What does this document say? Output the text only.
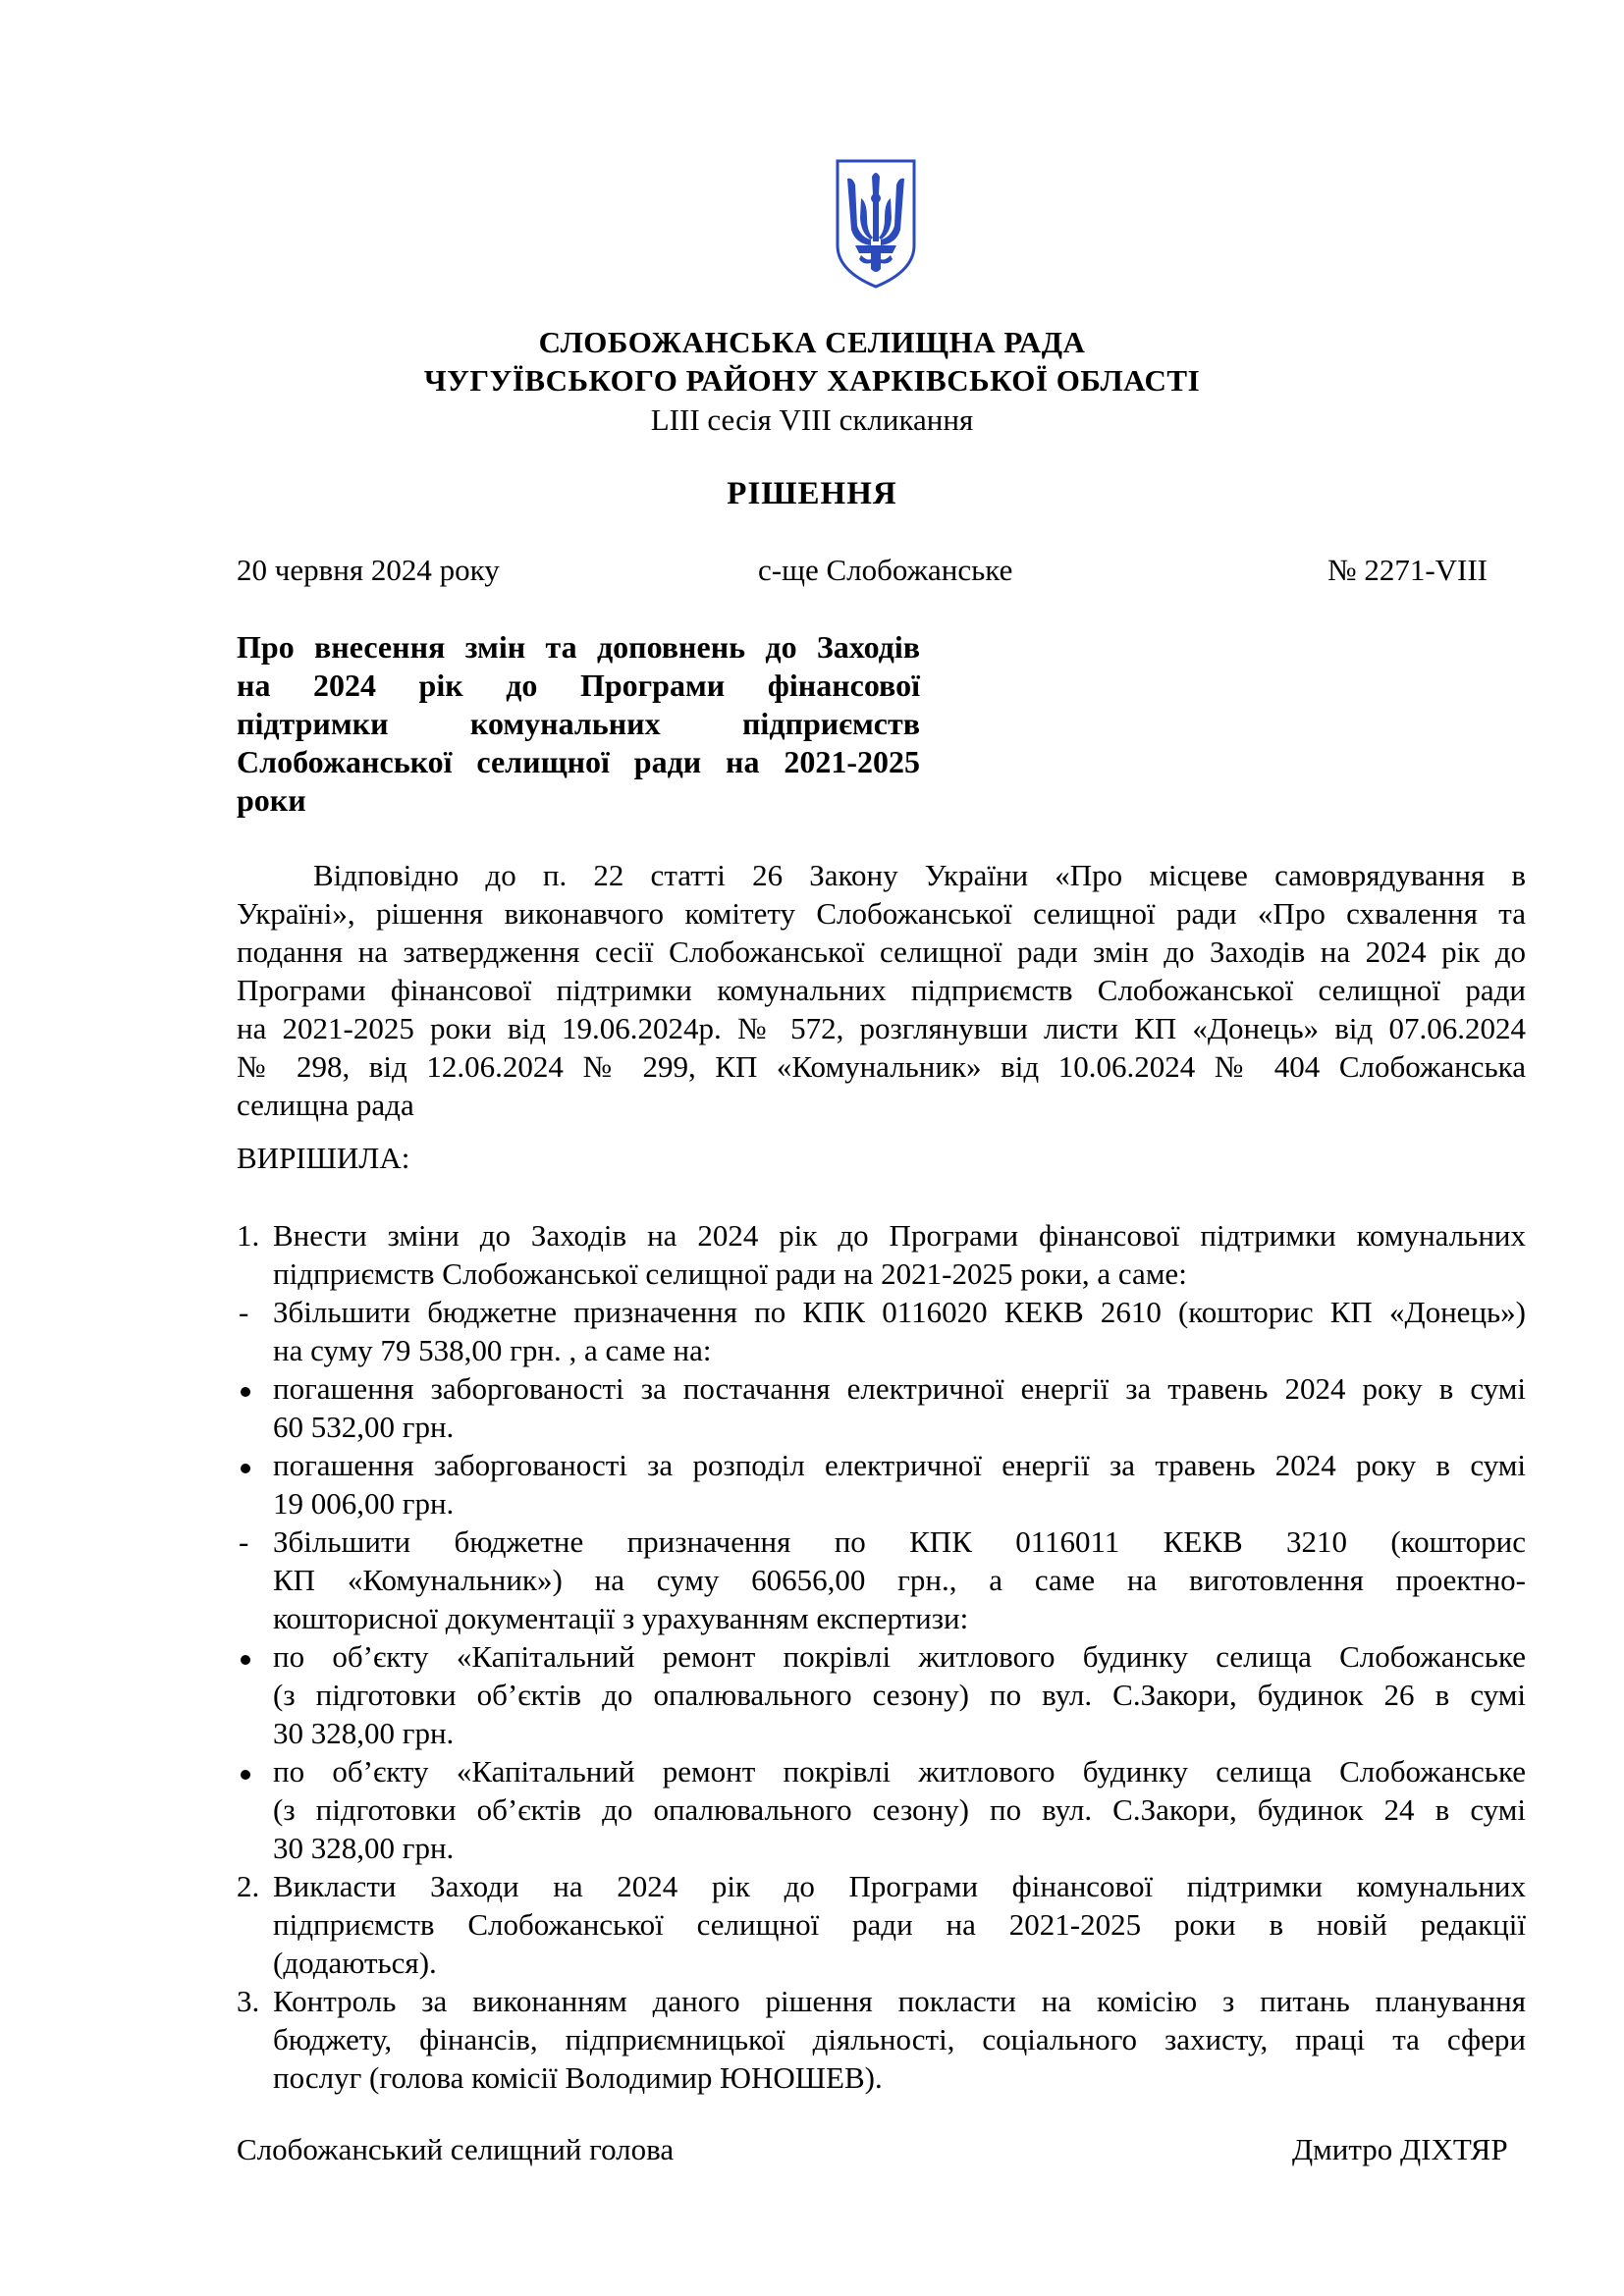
СЛОБОЖАНСЬКА СЕЛИЩНА РАДА
ЧУГУЇВСЬКОГО РАЙОНУ ХАРКІВСЬКОЇ ОБЛАСТІ
LIII сесія VIII скликання
РІШЕННЯ
20 червня 2024 року	с-ще Слобожанське	№ 2271-VIII
Про внесення змін та доповнень до Заходів
на 2024 рік до Програми фінансової
підтримки комунальних підприємств
Слобожанської селищної ради на 2021-2025
роки
Відповідно до п. 22 статті 26 Закону України «Про місцеве самоврядування в
Україні», рішення виконавчого комітету Слобожанської селищної ради «Про схвалення та
подання на затвердження сесії Слобожанської селищної ради змін до Заходів на 2024 рік до
Програми фінансової підтримки комунальних підприємств Слобожанської селищної ради
на 2021-2025 роки від 19.06.2024р. № 572, розглянувши листи КП «Донець» від 07.06.2024
№ 298, від 12.06.2024 № 299, КП «Комунальник» від 10.06.2024 № 404 Слобожанська
селищна рада
ВИРІШИЛА:
1. Внести зміни до Заходів на 2024 рік до Програми фінансової підтримки комунальних
підприємств Слобожанської селищної ради на 2021-2025 роки, а саме:
- Збільшити бюджетне призначення по КПК 0116020 КЕКВ 2610 (кошторис КП «Донець»)
на суму 79 538,00 грн. , а саме на:
погашення заборгованості за постачання електричної енергії за травень 2024 року в сумі
60 532,00 грн.
погашення заборгованості за розподіл електричної енергії за травень 2024 року в сумі
19 006,00 грн.
- Збільшити бюджетне призначення по КПК 0116011 КЕКВ 3210 (кошторис
КП «Комунальник») на суму 60656,00 грн., а саме на виготовлення проектно-
кошторисної документації з урахуванням експертизи:
по об’єкту «Капітальний ремонт покрівлі житлового будинку селища Слобожанське
(з підготовки об’єктів до опалювального сезону) по вул. С.Закори, будинок 26 в сумі
30 328,00 грн.
по об’єкту «Капітальний ремонт покрівлі житлового будинку селища Слобожанське
(з підготовки об’єктів до опалювального сезону) по вул. С.Закори, будинок 24 в сумі
30 328,00 грн.
2. Викласти Заходи на 2024 рік до Програми фінансової підтримки комунальних
підприємств Слобожанської селищної ради на 2021-2025 роки в новій редакції
(додаються).
3. Контроль за виконанням даного рішення покласти на комісію з питань планування
бюджету, фінансів, підприємницької діяльності, соціального захисту, праці та сфери
послуг (голова комісії Володимир ЮНОШЕВ).
Слобожанський селищний голова	Дмитро ДІХТЯР
